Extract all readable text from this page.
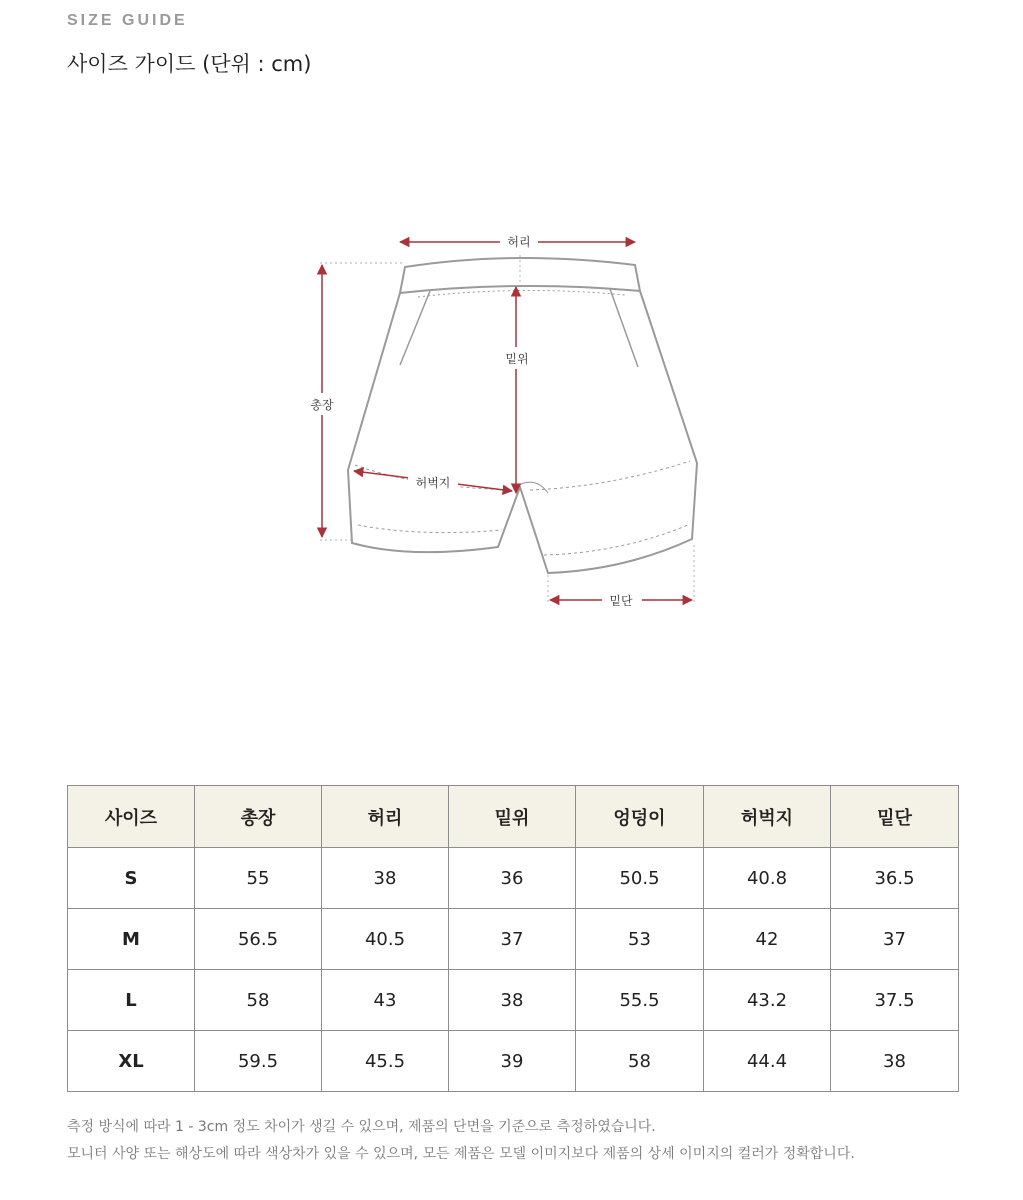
SIZE GUIDE
사이즈 가이드 (단위 : cm)
허리
총장
밑위
허벅지
밑단
사이즈	총장	허리	밑위	엉덩이	허벅지	밑단
S	55	38	36	50.5	40.8	36.5
M	56.5	40.5	37	53	42	37
L	58	43	38	55.5	43.2	37.5
XL	59.5	45.5	39	58	44.4	38

측정 방식에 따라 1 - 3cm 정도 차이가 생길 수 있으며, 제품의 단면을 기준으로 측정하였습니다.

모니터 사양 또는 해상도에 따라 색상차가 있을 수 있으며, 모든 제품은 모델 이미지보다 제품의 상세 이미지의 컬러가 정확합니다.
